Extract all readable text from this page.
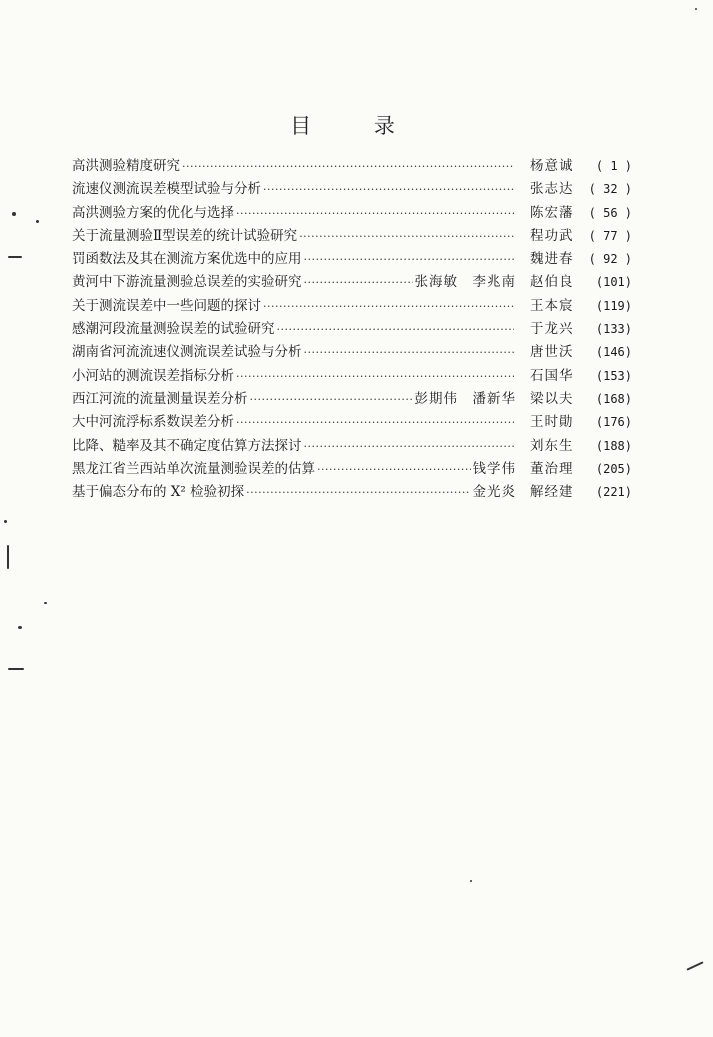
目 录
高洪测验精度研究 ·····	杨意诚	( 1 )
流速仪测流误差模型试验与分析 ·····	张志达	( 32 )
高洪测验方案的优化与选择 ·····	陈宏藩	( 56 )
关于流量测验Ⅱ型误差的统计试验研究 ·····	程功武	( 77 )
罚函数法及其在测流方案优选中的应用 ·····	魏进春	( 92 )
黄河中下游流量测验总误差的实验研究 ·····	张海敏　李兆南 赵伯良	(101)
关于测流误差中一些问题的探讨 ·····	王本宸	(119)
感潮河段流量测验误差的试验研究 ·····	于龙兴	(133)
湖南省河流流速仪测流误差试验与分析 ·····	唐世沃	(146)
小河站的测流误差指标分析 ·····	石国华	(153)
西江河流的流量测量误差分析 ·····	彭期伟　潘新华 梁以夫	(168)
大中河流浮标系数误差分析 ·····	王时勛	(176)
比降、糙率及其不确定度估算方法探讨 ·····	刘东生	(188)
黑龙江省兰西站单次流量测验误差的估算 ·····	钱学伟 董治理	(205)
基于偏态分布的 X² 检验初探 ·····	金光炎 解经建	(221)
